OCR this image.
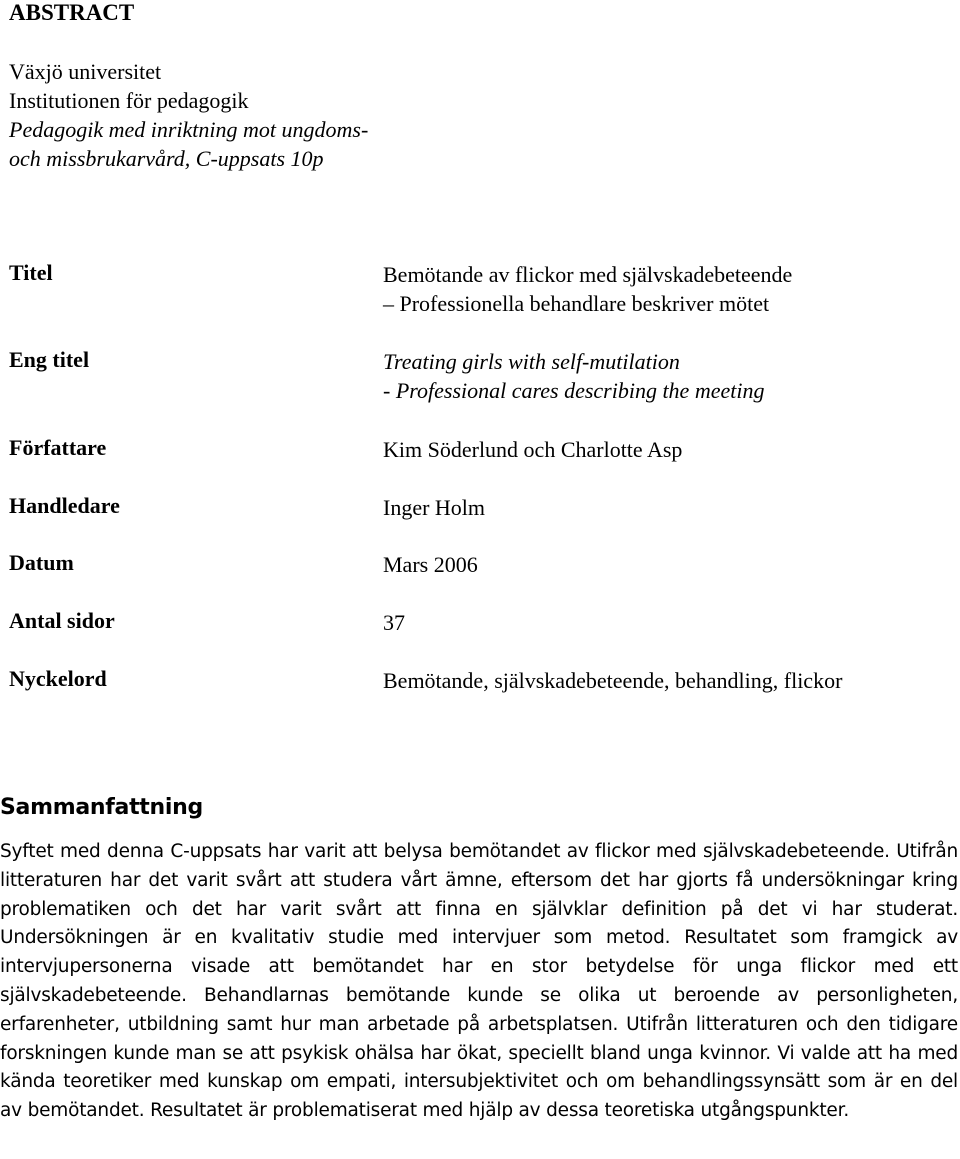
ABSTRACT
Växjö universitet
Institutionen för pedagogik
Pedagogik med inriktning mot ungdoms-
och missbrukarvård, C-uppsats 10p
Titel	Bemötande av flickor med självskadebeteende
– Professionella behandlare beskriver mötet
Eng titel	Treating girls with self-mutilation
- Professional cares describing the meeting
Författare	Kim Söderlund och Charlotte Asp
Handledare	Inger Holm
Datum	Mars 2006
Antal sidor	37
Nyckelord	Bemötande, självskadebeteende, behandling, flickor
Sammanfattning
Syftet med denna C-uppsats har varit att belysa bemötandet av flickor med självskadebeteende. Utifrån litteraturen har det varit svårt att studera vårt ämne, eftersom det har gjorts få undersökningar kring problematiken och det har varit svårt att finna en självklar definition på det vi har studerat. Undersökningen är en kvalitativ studie med intervjuer som metod. Resultatet som framgick av intervjupersonerna visade att bemötandet har en stor betydelse för unga flickor med ett självskadebeteende. Behandlarnas bemötande kunde se olika ut beroende av personligheten, erfarenheter, utbildning samt hur man arbetade på arbetsplatsen. Utifrån litteraturen och den tidigare forskningen kunde man se att psykisk ohälsa har ökat, speciellt bland unga kvinnor. Vi valde att ha med kända teoretiker med kunskap om empati, intersubjektivitet och om behandlingssynsätt som är en del av bemötandet. Resultatet är problematiserat med hjälp av dessa teoretiska utgångspunkter.
